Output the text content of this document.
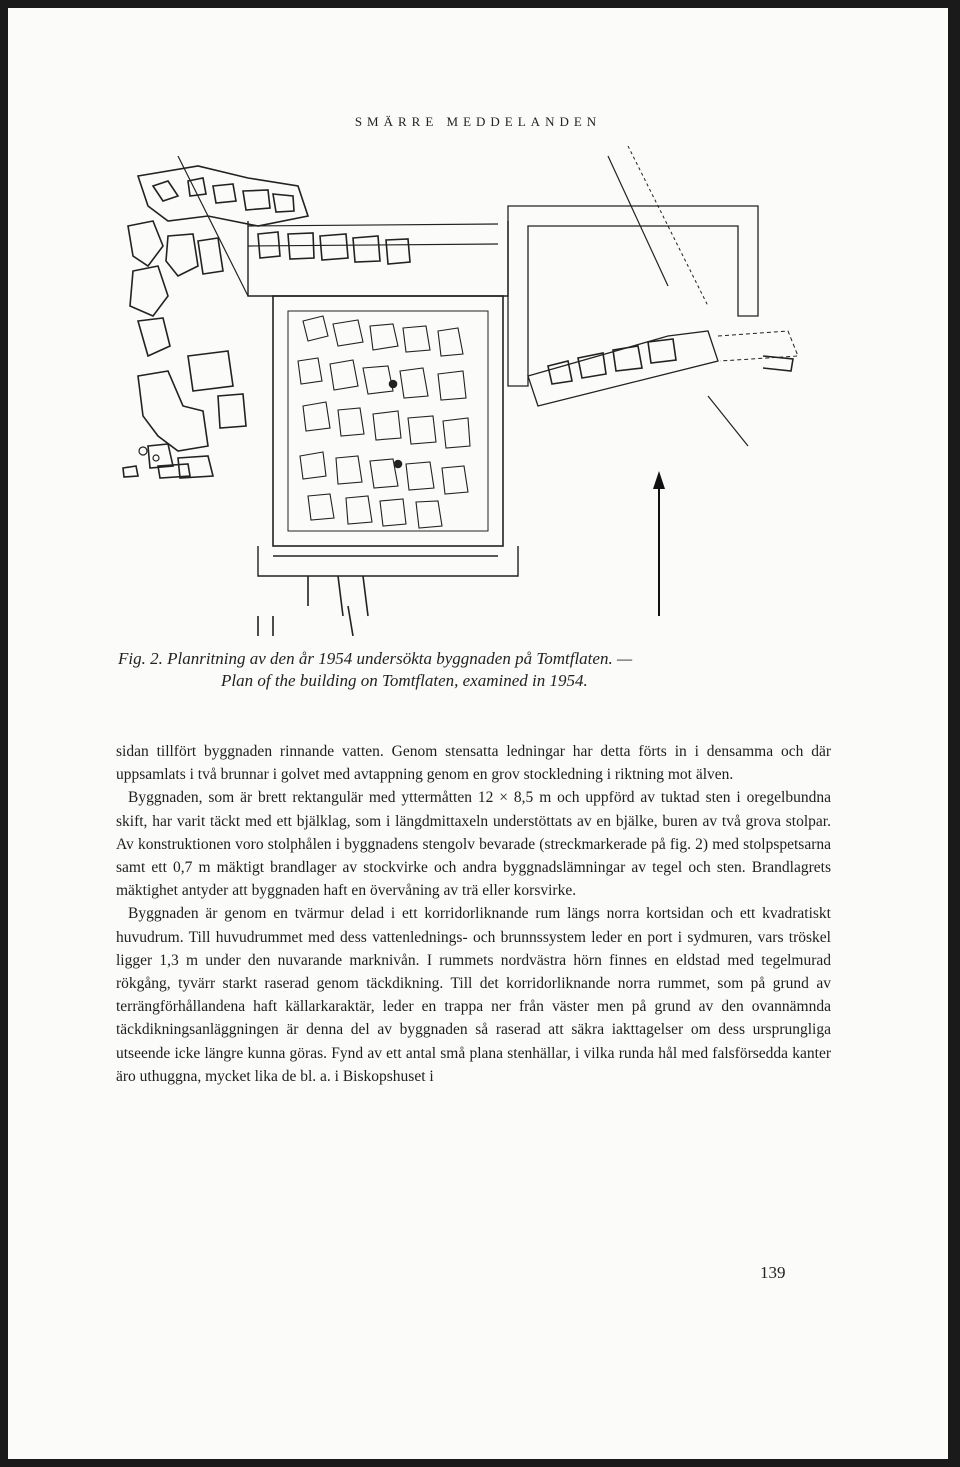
SMÄRRE MEDDELANDEN
Fig. 2. Planritning av den år 1954 undersökta byggnaden på Tomtflaten. —
Plan of the building on Tomtflaten, examined in 1954.

sidan tillfört byggnaden rinnande vatten. Genom stensatta ledningar har detta förts in i densamma och där uppsamlats i två brunnar i golvet med avtappning genom en grov stockledning i riktning mot älven.

Byggnaden, som är brett rektangulär med yttermåtten 12 × 8,5 m och uppförd av tuktad sten i oregelbundna skift, har varit täckt med ett bjälklag, som i längdmittaxeln understöttats av en bjälke, buren av två grova stolpar. Av konstruktionen voro stolphålen i byggnadens stengolv bevarade (streckmarkerade på fig. 2) med stolpspetsarna samt ett 0,7 m mäktigt brandlager av stockvirke och andra byggnadslämningar av tegel och sten. Brandlagrets mäktighet antyder att byggnaden haft en övervåning av trä eller korsvirke.

Byggnaden är genom en tvärmur delad i ett korridorliknande rum längs norra kortsidan och ett kvadratiskt huvudrum. Till huvudrummet med dess vattenlednings- och brunnssystem leder en port i sydmuren, vars tröskel ligger 1,3 m under den nuvarande marknivån. I rummets nordvästra hörn finnes en eldstad med tegelmurad rökgång, tyvärr starkt raserad genom täckdikning. Till det korridorliknande norra rummet, som på grund av terrängförhållandena haft källarkaraktär, leder en trappa ner från väster men på grund av den ovannämnda täckdikningsanläggningen är denna del av byggnaden så raserad att säkra iakttagelser om dess ursprungliga utseende icke längre kunna göras. Fynd av ett antal små plana stenhällar, i vilka runda hål med falsförsedda kanter äro uthuggna, mycket lika de bl. a. i Biskopshuset i

139
